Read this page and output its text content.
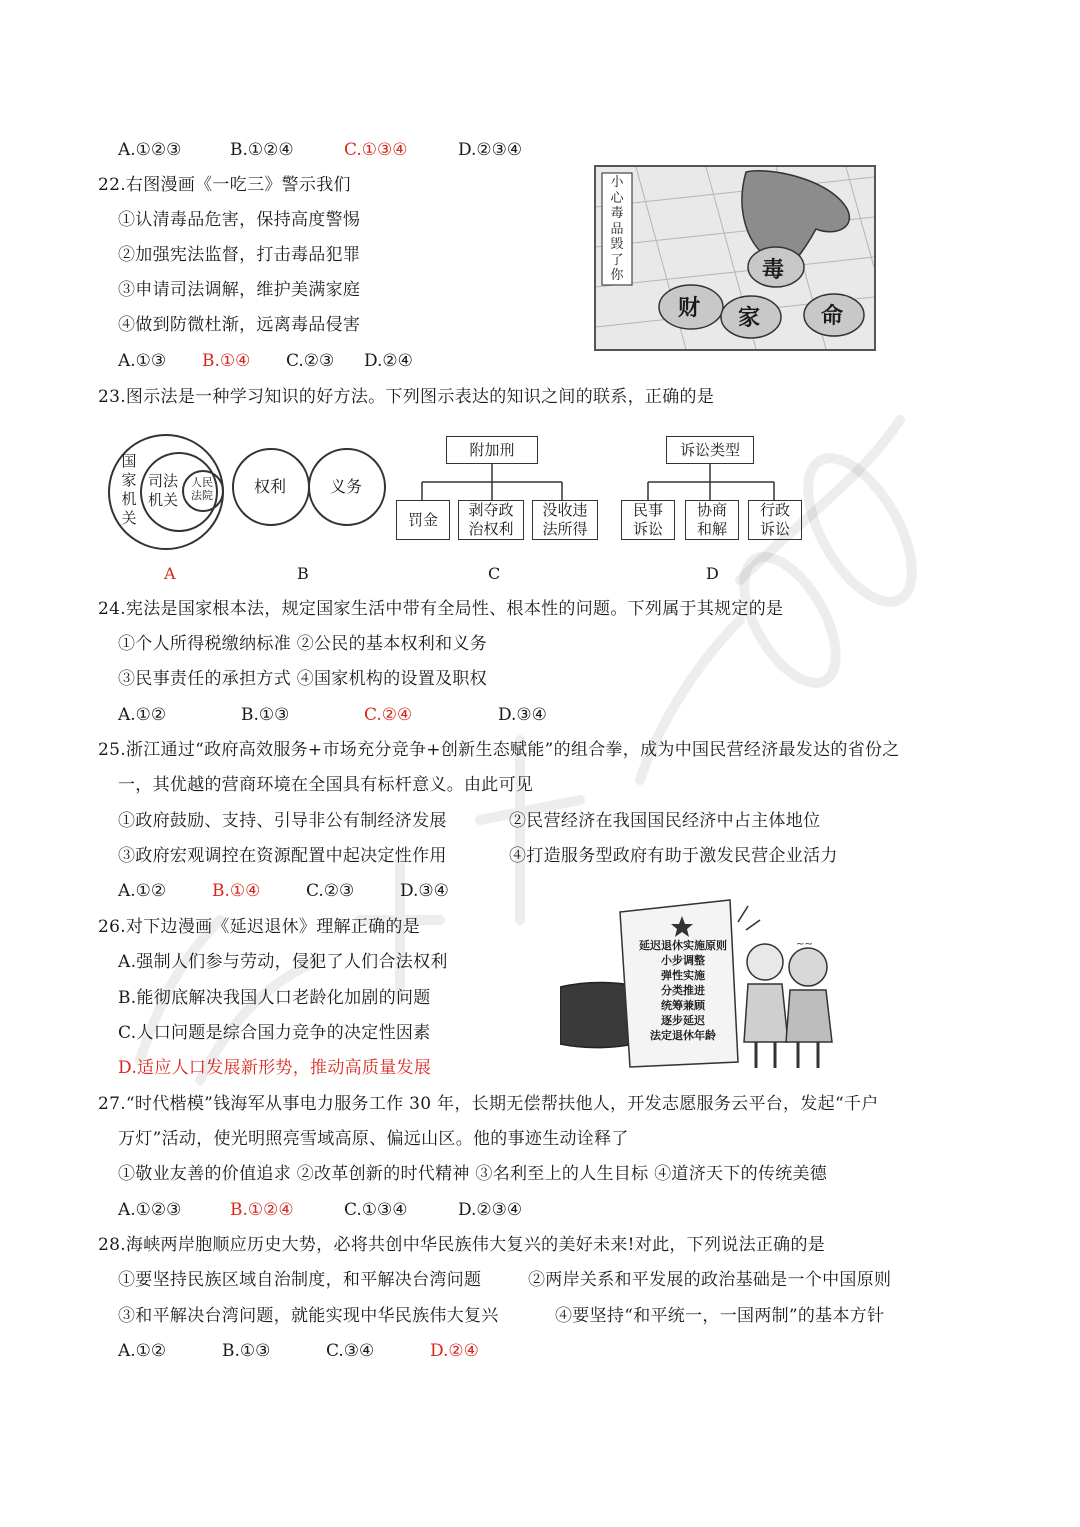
A.①②③	B.①②④	C.①③④	D.②③④
22.右图漫画《一吃三》警示我们
①认清毒品危害，保持高度警惕
②加强宪法监督，打击毒品犯罪
③申请司法调解，维护美满家庭
④做到防微杜渐，远离毒品侵害
A.①③ B.①④ C.②③ D.②④
小
心
毒
品
毁
了
你	毒
财 家	命
23.图示法是一种学习知识的好方法。下列图示表达的知识之间的联系，正确的是
国
家
机
关
司法
机关
人民
法院	权利	义务
附加刑
罚金
剥夺政
治权利
没收违
法所得
诉讼类型
民事
诉讼
协商
和解
行政
诉讼
A	B	C	D
24.宪法是国家根本法，规定国家生活中带有全局性、根本性的问题。下列属于其规定的是
①个人所得税缴纳标准 ②公民的基本权利和义务
③民事责任的承担方式 ④国家机构的设置及职权
A.①②	B.①③	C.②④	D.③④
25.浙江通过“政府高效服务+市场充分竞争+创新生态赋能”的组合拳，成为中国民营经济最发达的省份之
一，其优越的营商环境在全国具有标杆意义。由此可见
①政府鼓励、支持、引导非公有制经济发展	②民营经济在我国国民经济中占主体地位
③政府宏观调控在资源配置中起决定性作用	④打造服务型政府有助于激发民营企业活力
A.①②	B.①④	C.②③	D.③④
26.对下边漫画《延迟退休》理解正确的是
A.强制人们参与劳动，侵犯了人们合法权利
B.能彻底解决我国人口老龄化加剧的问题
C.人口问题是综合国力竞争的决定性因素
D.适应人口发展新形势，推动高质量发展
~~
延迟退休实施原则
小步调整
弹性实施
分类推进
统筹兼顾
逐步延迟
法定退休年龄
27.“时代楷模”钱海军从事电力服务工作 30 年，长期无偿帮扶他人，开发志愿服务云平台，发起“千户
万灯”活动，使光明照亮雪域高原、偏远山区。他的事迹生动诠释了
①敬业友善的价值追求 ②改革创新的时代精神 ③名利至上的人生目标 ④道济天下的传统美德
A.①②③	B.①②④	C.①③④	D.②③④
28.海峡两岸胞顺应历史大势，必将共创中华民族伟大复兴的美好未来!对此，下列说法正确的是
①要坚持民族区域自治制度，和平解决台湾问题	②两岸关系和平发展的政治基础是一个中国原则
③和平解决台湾问题，就能实现中华民族伟大复兴	④要坚持“和平统一，一国两制”的基本方针
A.①②	B.①③	C.③④	D.②④
